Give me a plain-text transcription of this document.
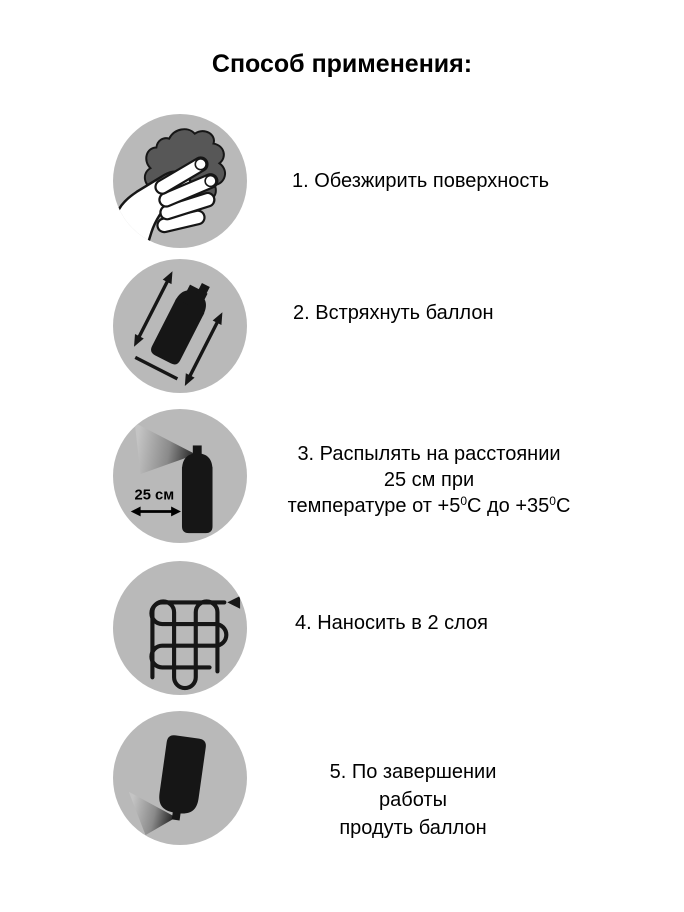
Способ применения:
1. Обезжирить поверхность
2. Встряхнуть баллон
25 см
3. Распылять на расстоянии
25 см при
температуре от $+5^0С$ до $+35^0С$
4. Наносить в 2 слоя
5. По завершении работы
продуть баллон
